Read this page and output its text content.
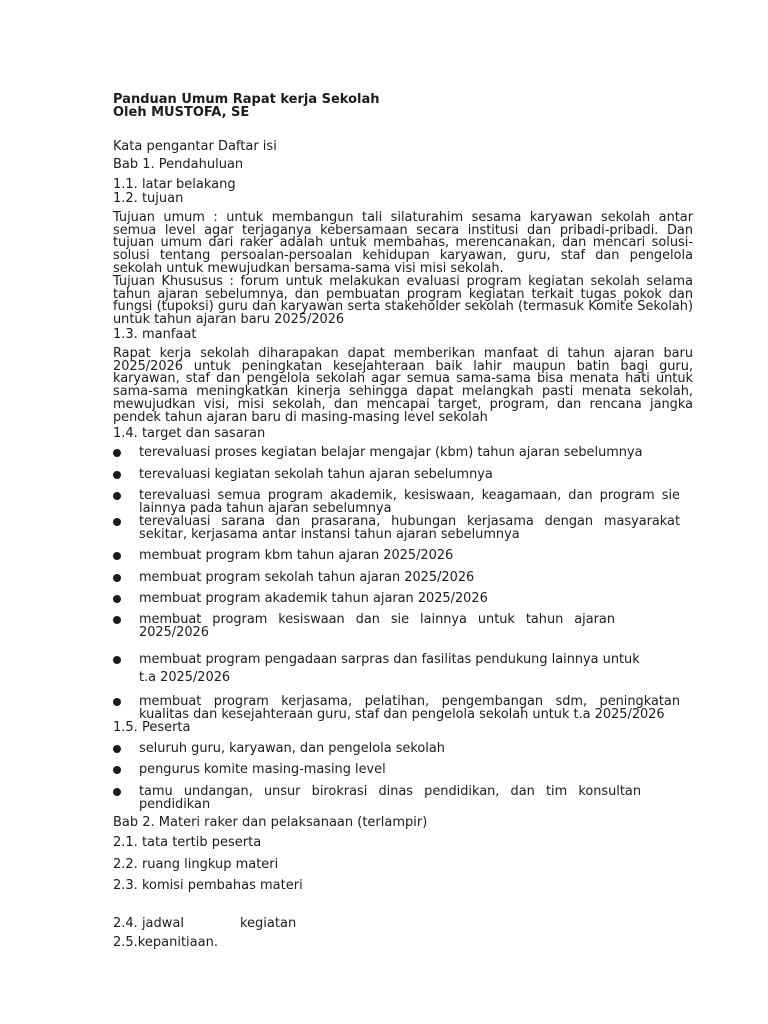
Panduan Umum Rapat kerja Sekolah
Oleh MUSTOFA, SE
Kata pengantar Daftar isi
Bab 1. Pendahuluan
1.1. latar belakang
1.2. tujuan
Tujuan umum : untuk membangun tali silaturahim sesama karyawan sekolah antar semua level agar terjaganya kebersamaan secara institusi dan pribadi-pribadi. Dan tujuan umum dari raker adalah untuk membahas, merencanakan, dan mencari solusi-solusi tentang persoalan-persoalan kehidupan karyawan, guru, staf dan pengelola sekolah untuk mewujudkan bersama-sama visi misi sekolah.
Tujuan Khususus : forum untuk melakukan evaluasi program kegiatan sekolah selama tahun ajaran sebelumnya, dan pembuatan program kegiatan terkait tugas pokok dan fungsi (tupoksi) guru dan karyawan serta stakeholder sekolah (termasuk Komite Sekolah) untuk tahun ajaran baru 2025/2026
1.3. manfaat
Rapat kerja sekolah diharapakan dapat memberikan manfaat di tahun ajaran baru 2025/2026 untuk peningkatan kesejahteraan baik lahir maupun batin bagi guru, karyawan, staf dan pengelola sekolah agar semua sama-sama bisa menata hati untuk sama-sama meningkatkan kinerja sehingga dapat melangkah pasti menata sekolah, mewujudkan visi, misi sekolah, dan mencapai target, program, dan rencana jangka pendek tahun ajaran baru di masing-masing level sekolah
1.4. target dan sasaran
terevaluasi proses kegiatan belajar mengajar (kbm) tahun ajaran sebelumnya
terevaluasi kegiatan sekolah tahun ajaran sebelumnya
terevaluasi semua program akademik, kesiswaan, keagamaan, dan program sie lainnya pada tahun ajaran sebelumnya
terevaluasi sarana dan prasarana, hubungan kerjasama dengan masyarakat sekitar, kerjasama antar instansi tahun ajaran sebelumnya
membuat program kbm tahun ajaran 2025/2026
membuat program sekolah tahun ajaran 2025/2026
membuat program akademik tahun ajaran 2025/2026
membuat program kesiswaan dan sie lainnya untuk tahun ajaran 2025/2026
membuat program pengadaan sarpras dan fasilitas pendukung lainnya untuk
t.a 2025/2026
membuat program kerjasama, pelatihan, pengembangan sdm, peningkatan kualitas dan kesejahteraan guru, staf dan pengelola sekolah untuk t.a 2025/2026
1.5. Peserta
seluruh guru, karyawan, dan pengelola sekolah
pengurus komite masing-masing level
tamu undangan, unsur birokrasi dinas pendidikan, dan tim konsultan pendidikan
Bab 2. Materi raker dan pelaksanaan (terlampir)
2.1. tata tertib peserta
2.2. ruang lingkup materi
2.3. komisi pembahas materi
2.4. jadwal	kegiatan
2.5.kepanitiaan.
